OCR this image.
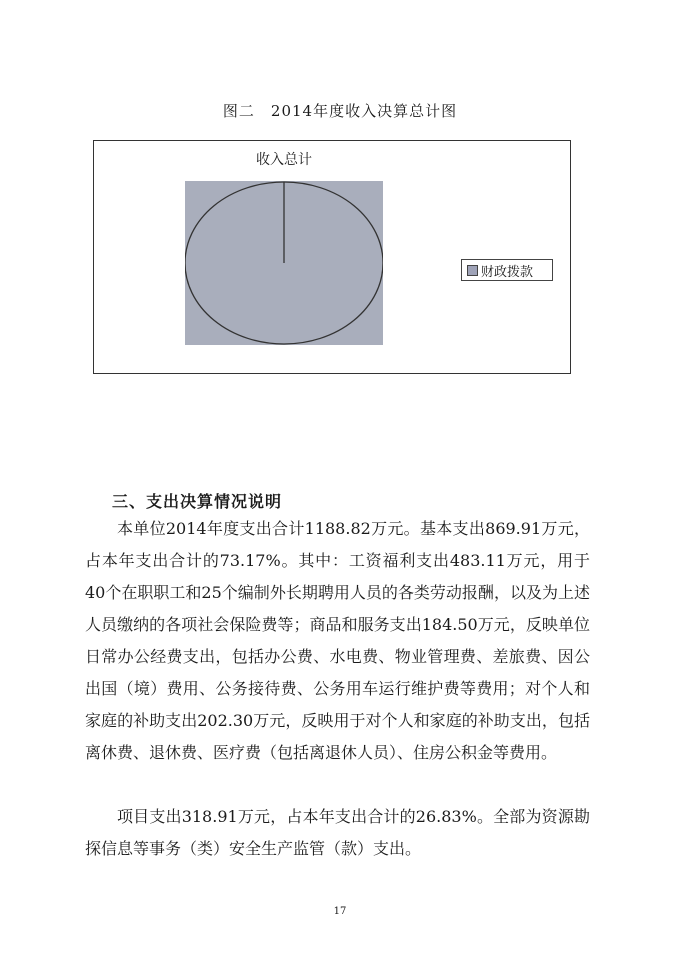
图二　2014年度收入决算总计图
收入总计
财政拨款
三、支出决算情况说明

本单位2014年度支出合计1188.82万元。基本支出869.91万元，占本年支出合计的73.17%。其中：工资福利支出483.11万元，用于40个在职职工和25个编制外长期聘用人员的各类劳动报酬，以及为上述人员缴纳的各项社会保险费等；商品和服务支出184.50万元，反映单位日常办公经费支出，包括办公费、水电费、物业管理费、差旅费、因公出国（境）费用、公务接待费、公务用车运行维护费等费用；对个人和家庭的补助支出202.30万元，反映用于对个人和家庭的补助支出，包括离休费、退休费、医疗费（包括离退休人员）、住房公积金等费用。

项目支出318.91万元，占本年支出合计的26.83%。全部为资源勘探信息等事务（类）安全生产监管（款）支出。

17
